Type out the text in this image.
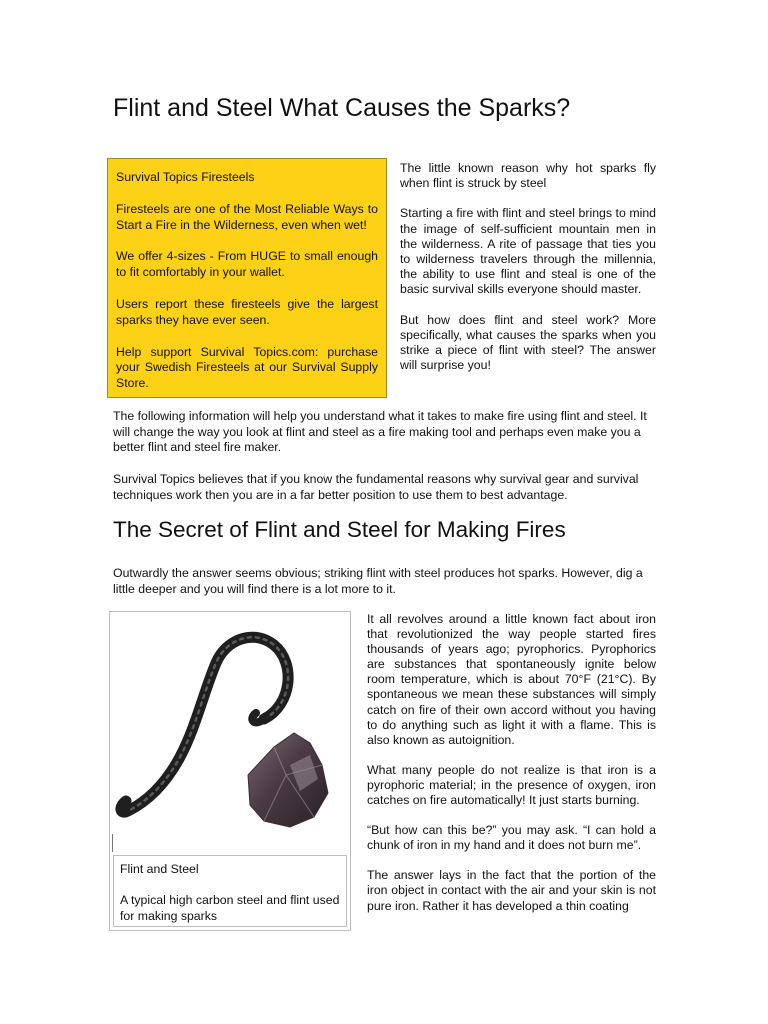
Flint and Steel What Causes the Sparks?

Survival Topics Firesteels

Firesteels are one of the Most Reliable Ways to Start a Fire in the Wilderness, even when wet!

We offer 4-sizes - From HUGE to small enough to fit comfortably in your wallet.

Users report these firesteels give the largest sparks they have ever seen.

Help support Survival Topics.com: purchase your Swedish Firesteels at our Survival Supply Store.

The little known reason why hot sparks fly when flint is struck by steel

Starting a fire with flint and steel brings to mind the image of self-sufficient mountain men in the wilderness. A rite of passage that ties you to wilderness travelers through the millennia, the ability to use flint and steal is one of the basic survival skills everyone should master.

But how does flint and steel work? More specifically, what causes the sparks when you strike a piece of flint with steel? The answer will surprise you!

The following information will help you understand what it takes to make fire using flint and steel. It will change the way you look at flint and steel as a fire making tool and perhaps even make you a better flint and steel fire maker.

Survival Topics believes that if you know the fundamental reasons why survival gear and survival techniques work then you are in a far better position to use them to best advantage.

The Secret of Flint and Steel for Making Fires

Outwardly the answer seems obvious; striking flint with steel produces hot sparks. However, dig a little deeper and you will find there is a lot more to it.

Flint and Steel

A typical high carbon steel and flint used for making sparks

It all revolves around a little known fact about iron that revolutionized the way people started fires thousands of years ago; pyrophorics. Pyrophorics are substances that spontaneously ignite below room temperature, which is about 70°F (21°C). By spontaneous we mean these substances will simply catch on fire of their own accord without you having to do anything such as light it with a flame. This is also known as autoignition.

What many people do not realize is that iron is a pyrophoric material; in the presence of oxygen, iron catches on fire automatically! It just starts burning.

“But how can this be?” you may ask. “I can hold a chunk of iron in my hand and it does not burn me”.

The answer lays in the fact that the portion of the iron object in contact with the air and your skin is not pure iron. Rather it has developed a thin coating
